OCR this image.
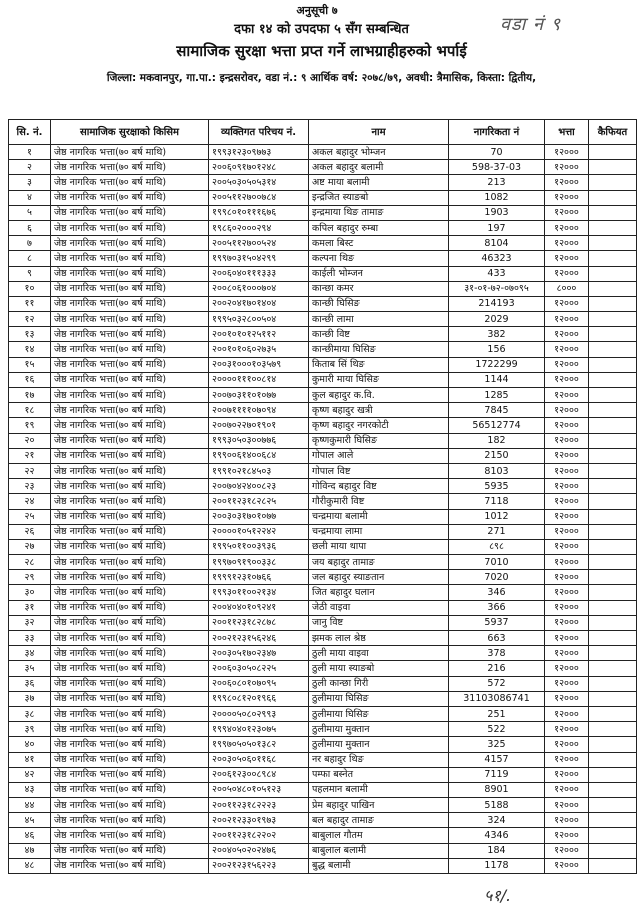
अनुसूची ७
वडा नं ९
दफा १४ को उपदफा ५ सँग सम्बन्धित
सामाजिक सुरक्षा भत्ता प्रप्त गर्ने लाभग्राहीहरुको भर्पाई
जिल्ला: मकवानपुर, गा.पा.: इन्द्रसरोवर, वडा नं.: ९ आर्थिक वर्ष: २०७८/७९, अवधी: त्रैमासिक, किस्ता: द्वितीय,
सि. नं.	सामाजिक सुरक्षाको किसिम	व्यक्तिगत परिचय नं.	नाम	नागरिकता नं	भत्ता	कैफियत
१	जेष्ठ नागरिक भत्ता(७० बर्ष माथि)	१९९३१२३०९७७३	अकल बहादुर भोम्जन	70	१२०००	
२	जेष्ठ नागरिक भत्ता(७० बर्ष माथि)	२००६०९१७०१२४८	अकल बहादुर बलामी	598-37-03	१२०००	
३	जेष्ठ नागरिक भत्ता(७० बर्ष माथि)	२००५०३०५०५३१४	अष्ट माया बलामी	213	१२०००	
४	जेष्ठ नागरिक भत्ता(७० बर्ष माथि)	२००५११२७००७८४	इन्द्रजित स्याङबो	1082	१२०००	
५	जेष्ठ नागरिक भत्ता(७० बर्ष माथि)	१९९८०१०१११६७६	इन्द्रमाया थिङ तामाङ	1903	१२०००	
६	जेष्ठ नागरिक भत्ता(७० बर्ष माथि)	१९८६०२०००२९४	कपिल बहादुर रुम्बा	197	१२०००	
७	जेष्ठ नागरिक भत्ता(७० बर्ष माथि)	२००५११२७००५२४	कमला बिस्ट	8104	१२०००	
८	जेष्ठ नागरिक भत्ता(७० बर्ष माथि)	१९९७०३१५०४२९९	कल्पना थिङ	46323	१२०००	
९	जेष्ठ नागरिक भत्ता(७० बर्ष माथि)	२००६०४०१११३३३	काईली भोम्जन	433	१२०००	
१०	जेष्ठ नागरिक भत्ता(७० बर्ष माथि)	२००८०६१०००७०४	कान्छा कमर	३१-०१-७२-०७०९५	८०००	
११	जेष्ठ नागरिक भत्ता(७० बर्ष माथि)	२००२०४१७०१४०४	कान्छी घिसिङ	214193	१२०००	
१२	जेष्ठ नागरिक भत्ता(७० बर्ष माथि)	१९९५०३२८००५०४	कान्छी लामा	2029	१२०००	
१३	जेष्ठ नागरिक भत्ता(७० बर्ष माथि)	२००१०१०१२५११२	कान्छी विष्ट	382	१२०००	
१४	जेष्ठ नागरिक भत्ता(७० बर्ष माथि)	२००१०१०६०२७३५	कान्छीमाया घिसिङ	156	१२०००	
१५	जेष्ठ नागरिक भत्ता(७० बर्ष माथि)	२००३१०००१०३५७९	किताब सिं थिङ	1722299	१२०००	
१६	जेष्ठ नागरिक भत्ता(७० बर्ष माथि)	२००००१११००८१४	कुमारी माया घिसिङ	1144	१२०००	
१७	जेष्ठ नागरिक भत्ता(७० बर्ष माथि)	२००७०३११०१०७७	कुल बहादुर क.वि.	1285	१२०००	
१८	जेष्ठ नागरिक भत्ता(७० बर्ष माथि)	२००७११११०७०९४	कृष्ण बहादुर खत्री	7845	१२०००	
१९	जेष्ठ नागरिक भत्ता(७० बर्ष माथि)	२००७०२२७०१९०१	कृष्ण बहादुर नगरकोटी	56512774	१२०००	
२०	जेष्ठ नागरिक भत्ता(७० बर्ष माथि)	१९९३०५०३००७७६	कृष्णकुमारी घिसिङ	182	१२०००	
२१	जेष्ठ नागरिक भत्ता(७० बर्ष माथि)	१९९००६१४००६८४	गोपाल आले	2150	१२०००	
२२	जेष्ठ नागरिक भत्ता(७० बर्ष माथि)	१९९१०२१८४५०३	गोपाल विष्ट	8103	१२०००	
२३	जेष्ठ नागरिक भत्ता(७० बर्ष माथि)	२००७०४२४००८२३	गोविन्द बहादुर विष्ट	5935	१२०००	
२४	जेष्ठ नागरिक भत्ता(७० बर्ष माथि)	२००११२३१८२८२५	गौरीकुमारी विष्ट	7118	१२०००	
२५	जेष्ठ नागरिक भत्ता(७० बर्ष माथि)	२००३०३१७०१०७७	चन्द्रमाया बलामी	1012	१२०००	
२६	जेष्ठ नागरिक भत्ता(७० बर्ष माथि)	२००००१०५१२२४२	चन्द्रमाया लामा	271	१२०००	
२७	जेष्ठ नागरिक भत्ता(७० बर्ष माथि)	१९९५०११००३९३६	छली माया थापा	८९८	१२०००	
२८	जेष्ठ नागरिक भत्ता(७० बर्ष माथि)	१९९७०९१९००३३८	जय बहादुर तामाङ	7010	१२०००	
२९	जेष्ठ नागरिक भत्ता(७० बर्ष माथि)	१९९९१२३१०७६६	जल बहादुर स्याङतान	7020	१२०००	
३०	जेष्ठ नागरिक भत्ता(७० बर्ष माथि)	१९९३०११००२१३४	जित बहादुर घलान	346	१२०००	
३१	जेष्ठ नागरिक भत्ता(७० बर्ष माथि)	२००४०४०१०९२४१	जेठी वाइवा	366	१२०००	
३२	जेष्ठ नागरिक भत्ता(७० बर्ष माथि)	२००११२३१८२८७८	जानु विष्ट	5937	१२०००	
३३	जेष्ठ नागरिक भत्ता(७० बर्ष माथि)	२००२१२३१५६२४६	झमक लाल श्रेष्ठ	663	१२०००	
३४	जेष्ठ नागरिक भत्ता(७० बर्ष माथि)	२००३०५१७०२३४७	ठुली माया वाइवा	378	१२०००	
३५	जेष्ठ नागरिक भत्ता(७० बर्ष माथि)	२००६०३०५०८२२५	ठुली माया स्याङबो	216	१२०००	
३६	जेष्ठ नागरिक भत्ता(७० बर्ष माथि)	२००६०८०१०७०९५	ठुली कान्छा गिरी	572	१२०००	
३७	जेष्ठ नागरिक भत्ता(७० बर्ष माथि)	१९९८०८१२०१९६६	ठुलीमाया घिसिङ	31103086741	१२०००	
३८	जेष्ठ नागरिक भत्ता(७० बर्ष माथि)	२००००५०८०२९९३	ठुलीमाया घिसिङ	251	१२०००	
३९	जेष्ठ नागरिक भत्ता(७० बर्ष माथि)	१९९४०४०१२३०७५	ठुलीमाया मुक्तान	522	१२०००	
४०	जेष्ठ नागरिक भत्ता(७० बर्ष माथि)	१९९७०५०५०१३८२	ठुलीमाया मुक्तान	325	१२०००	
४१	जेष्ठ नागरिक भत्ता(७० बर्ष माथि)	२००३०५०६०११६८	नर बहादुर थिङ	4157	१२०००	
४२	जेष्ठ नागरिक भत्ता(७० बर्ष माथि)	२००६१२३००८९८४	पम्फा बस्नेत	7119	१२०००	
४३	जेष्ठ नागरिक भत्ता(७० बर्ष माथि)	२००५०४८०१०५१२३	पहलमान बलामी	8901	१२०००	
४४	जेष्ठ नागरिक भत्ता(७० बर्ष माथि)	२००११२३१८२२२३	प्रेम बहादुर पाखिन	5188	१२०००	
४५	जेष्ठ नागरिक भत्ता(७० बर्ष माथि)	२००२१२३३०१९७३	बल बहादुर तामाङ	324	१२०००	
४६	जेष्ठ नागरिक भत्ता(७० बर्ष माथि)	२००११२३१८२२०२	बाबुलाल गौतम	4346	१२०००	
४७	जेष्ठ नागरिक भत्ता(७० बर्ष माथि)	२००४०५०२०२४७६	बाबुलाल बलामी	184	१२०००	
४८	जेष्ठ नागरिक भत्ता(७० बर्ष माथि)	२००२१२३१५६२२३	बुद्ध बलामी	1178	१२०००	
५१/.
